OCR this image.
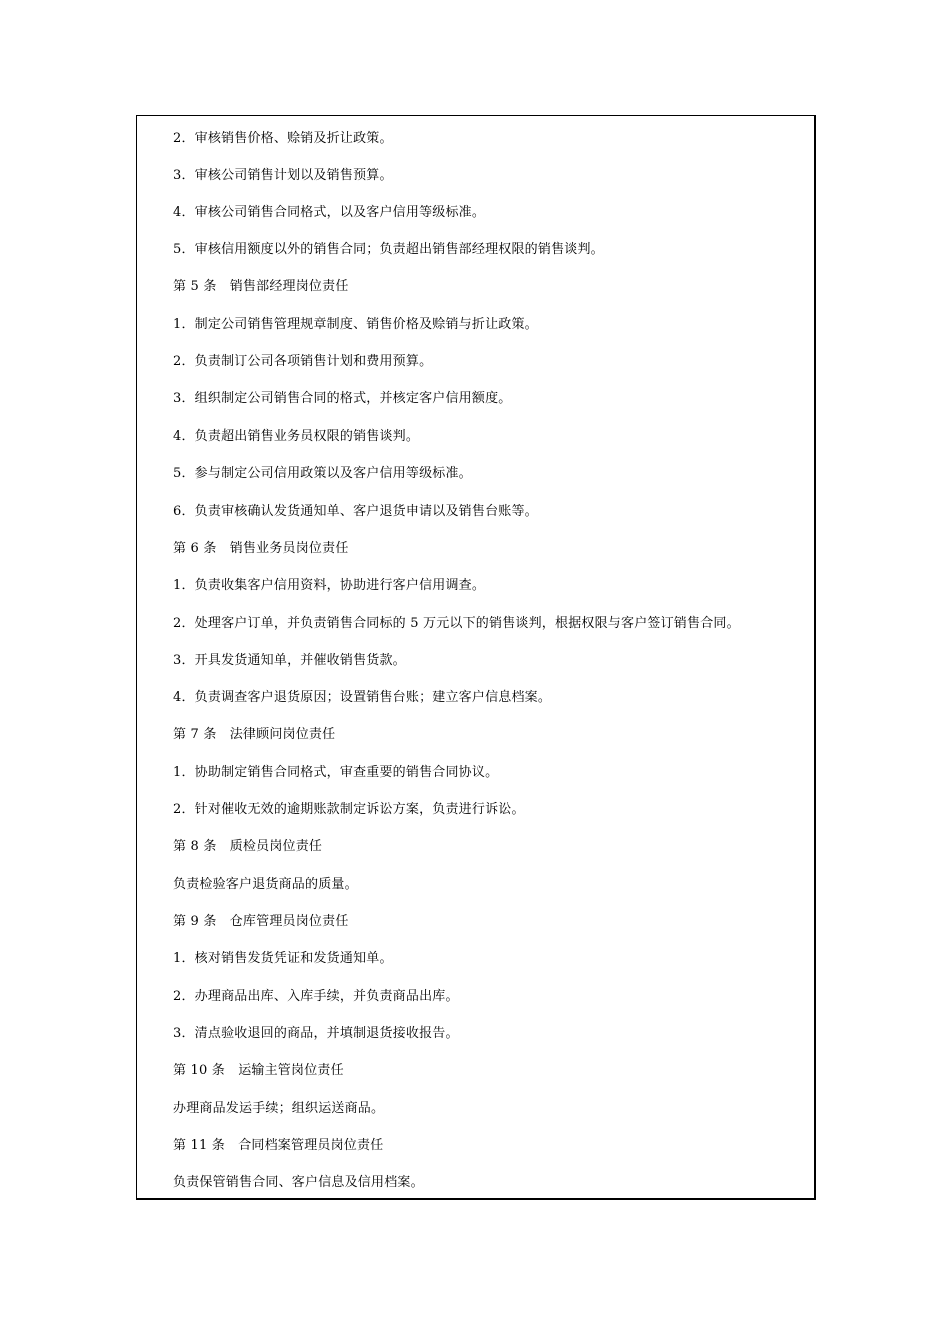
2．审核销售价格、赊销及折让政策。
3．审核公司销售计划以及销售预算。
4．审核公司销售合同格式，以及客户信用等级标准。
5．审核信用额度以外的销售合同；负责超出销售部经理权限的销售谈判。
第 5 条　销售部经理岗位责任
1．制定公司销售管理规章制度、销售价格及赊销与折让政策。
2．负责制订公司各项销售计划和费用预算。
3．组织制定公司销售合同的格式，并核定客户信用额度。
4．负责超出销售业务员权限的销售谈判。
5．参与制定公司信用政策以及客户信用等级标准。
6．负责审核确认发货通知单、客户退货申请以及销售台账等。
第 6 条　销售业务员岗位责任
1．负责收集客户信用资料，协助进行客户信用调查。
2．处理客户订单，并负责销售合同标的 5 万元以下的销售谈判，根据权限与客户签订销售合同。
3．开具发货通知单，并催收销售货款。
4．负责调查客户退货原因；设置销售台账；建立客户信息档案。
第 7 条　法律顾问岗位责任
1．协助制定销售合同格式，审查重要的销售合同协议。
2．针对催收无效的逾期账款制定诉讼方案，负责进行诉讼。
第 8 条　质检员岗位责任
负责检验客户退货商品的质量。
第 9 条　仓库管理员岗位责任
1．核对销售发货凭证和发货通知单。
2．办理商品出库、入库手续，并负责商品出库。
3．清点验收退回的商品，并填制退货接收报告。
第 10 条　运输主管岗位责任
办理商品发运手续；组织运送商品。
第 11 条　合同档案管理员岗位责任
负责保管销售合同、客户信息及信用档案。
